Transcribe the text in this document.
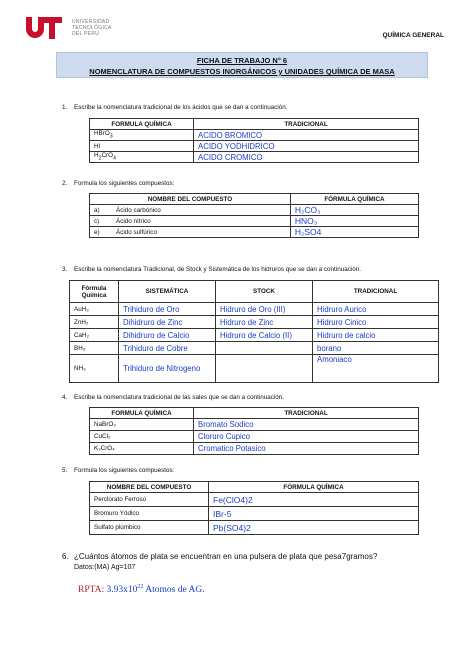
UNIVERSIDAD
TECNOLÓGICA
DEL PERÚ	QUÍMICA GENERAL
FICHA DE TRABAJO N° 6
NOMENCLATURA DE COMPUESTOS INORGÁNICOS y UNIDADES QUÍMICA DE MASA
1. Escribe la nomenclatura tradicional de los ácidos que se dan a continuación.
FORMULA QUÍMICA	TRADICIONAL
HBrO$_3$	ACIDO BROMICO
HI	ACIDO YODHIDRICO
$H_2CrO_4$	ACIDO CROMICO
2. Formula los siguientes compuestos:
NOMBRE DEL COMPUESTO		FÓRMULA QUÍMICA
a)	Ácido carbónico	H₂CO₃
c)	Ácido nítrico	HNO₃
e)	Ácido sulfúrico	H₂SO4
3. Escribe la nomenclatura Tradicional, de Stock y Sistemática de los hidruros que se dan a continuación.
Fórmula Química	SISTEMÁTICA	STOCK	TRADICIONAL
AuH₃	Trihiduro de Oro	Hidruro de Oro (III)	Hidruro Aurico
ZnH₂	Dihidruro de Zinc	Hidruro de Zinc	Hidruro Cinico
CaH₂	Dihidruro de Calcio	Hidruro de Calcio (II)	Hidruro de calcio
BH₃	Trihiduro de Cobre		borano
NH₃	Trihiduro de Nitrogeno		Amoniaco
4. Escribe la nomenclatura tradicional de las sales que se dan a continuación.
FORMULA QUÍMICA	TRADICIONAL
NaBrO₃	Bromato Sodico
CuCl₂	Cloruro Cupico
K₂CrO₄	Cromatico Potasico
5. Formula los siguientes compuestos:
NOMBRE DEL COMPUESTO	FÓRMULA QUÍMICA
Perclorato Ferroso	Fe(ClO4)2
Bromuro Yódico	IBr-5
Sulfato plúmbico	Pb(SO4)2
6. ¿Cuántos átomos de plata se encuentran en una pulsera de plata que pesa7gramos?
Datos:(MA) Ag=107
RPTA: $3.93x10^{22}$ Atomos de AG.
